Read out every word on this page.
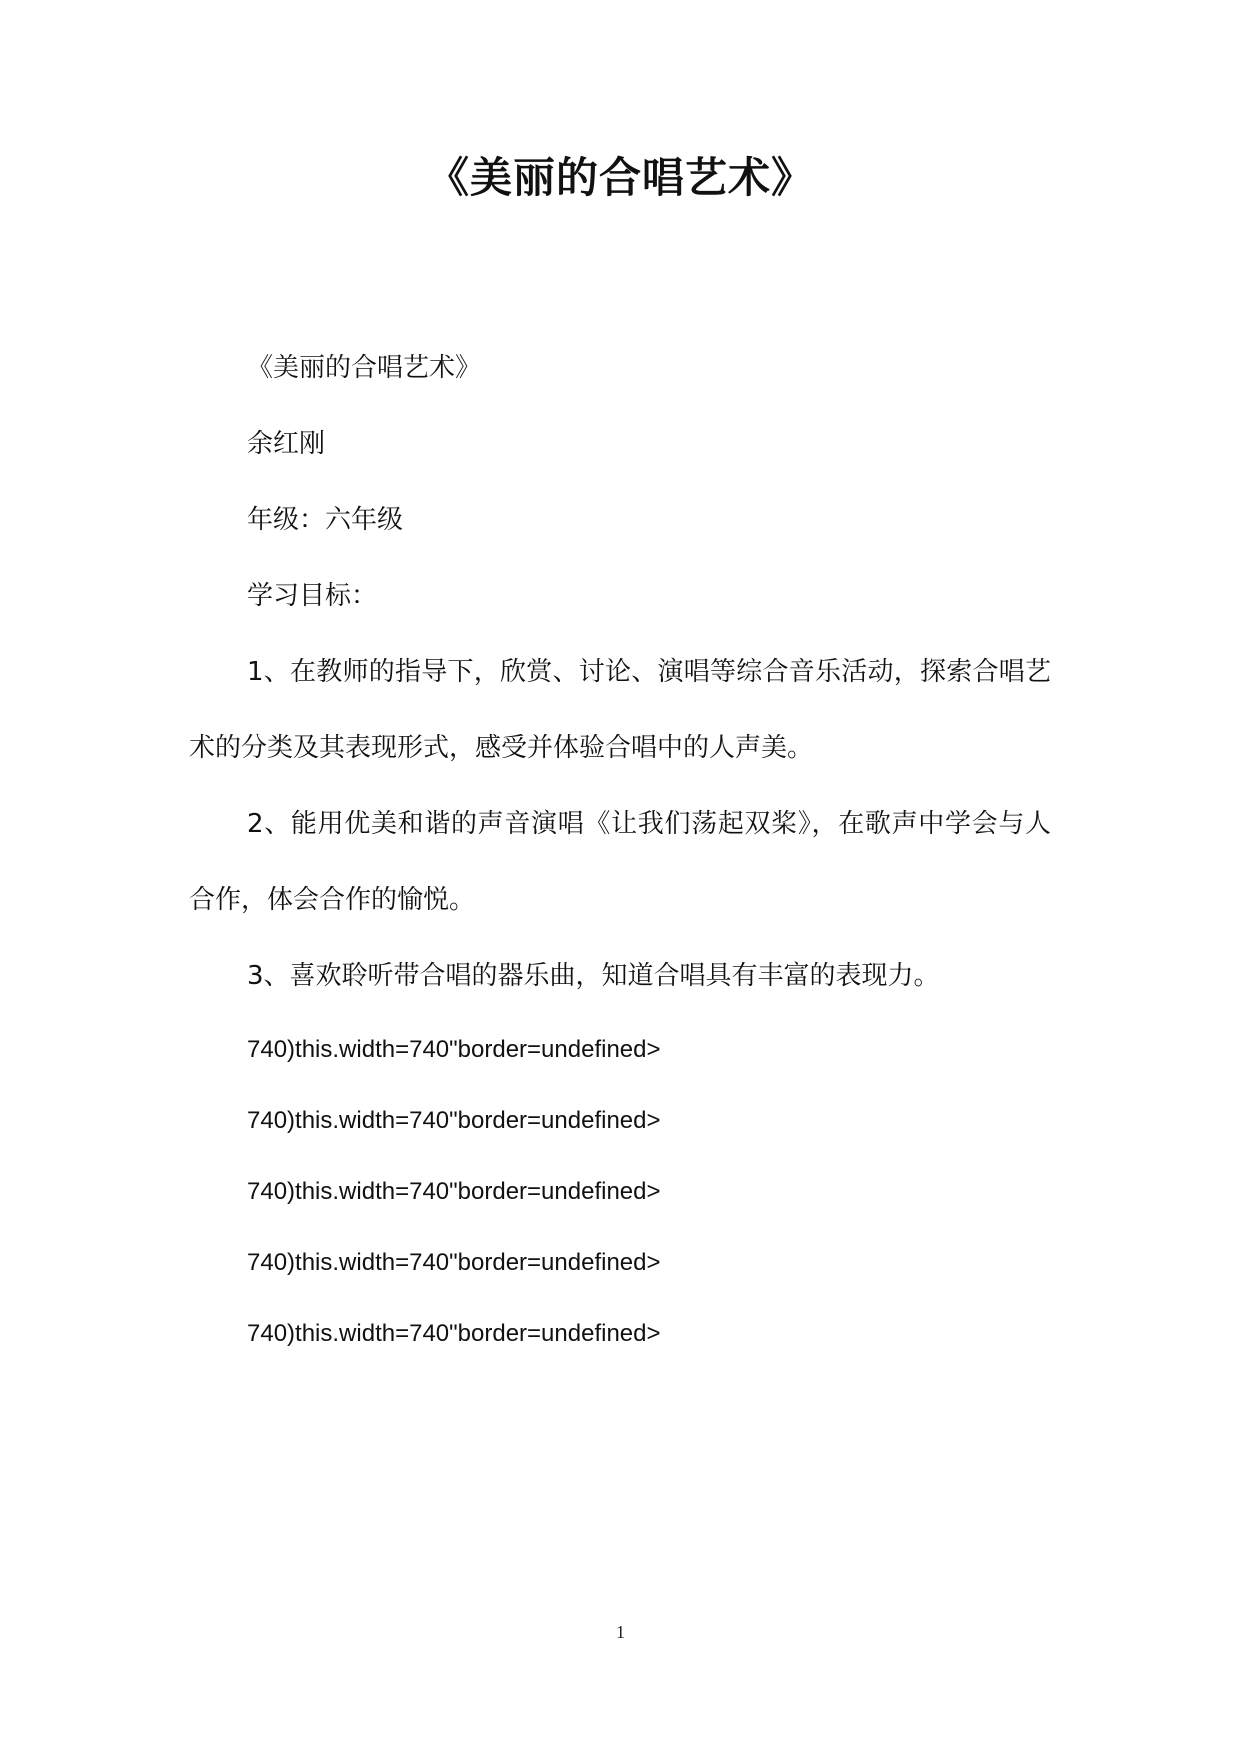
《美丽的合唱艺术》

《美丽的合唱艺术》

余红刚

年级：六年级

学习目标：

1、在教师的指导下，欣赏、讨论、演唱等综合音乐活动，探索合唱艺术的分类及其表现形式，感受并体验合唱中的人声美。

2、能用优美和谐的声音演唱《让我们荡起双桨》，在歌声中学会与人合作，体会合作的愉悦。

3、喜欢聆听带合唱的器乐曲，知道合唱具有丰富的表现力。

740)this.width=740"border=undefined>

740)this.width=740"border=undefined>

740)this.width=740"border=undefined>

740)this.width=740"border=undefined>

740)this.width=740"border=undefined>

1
